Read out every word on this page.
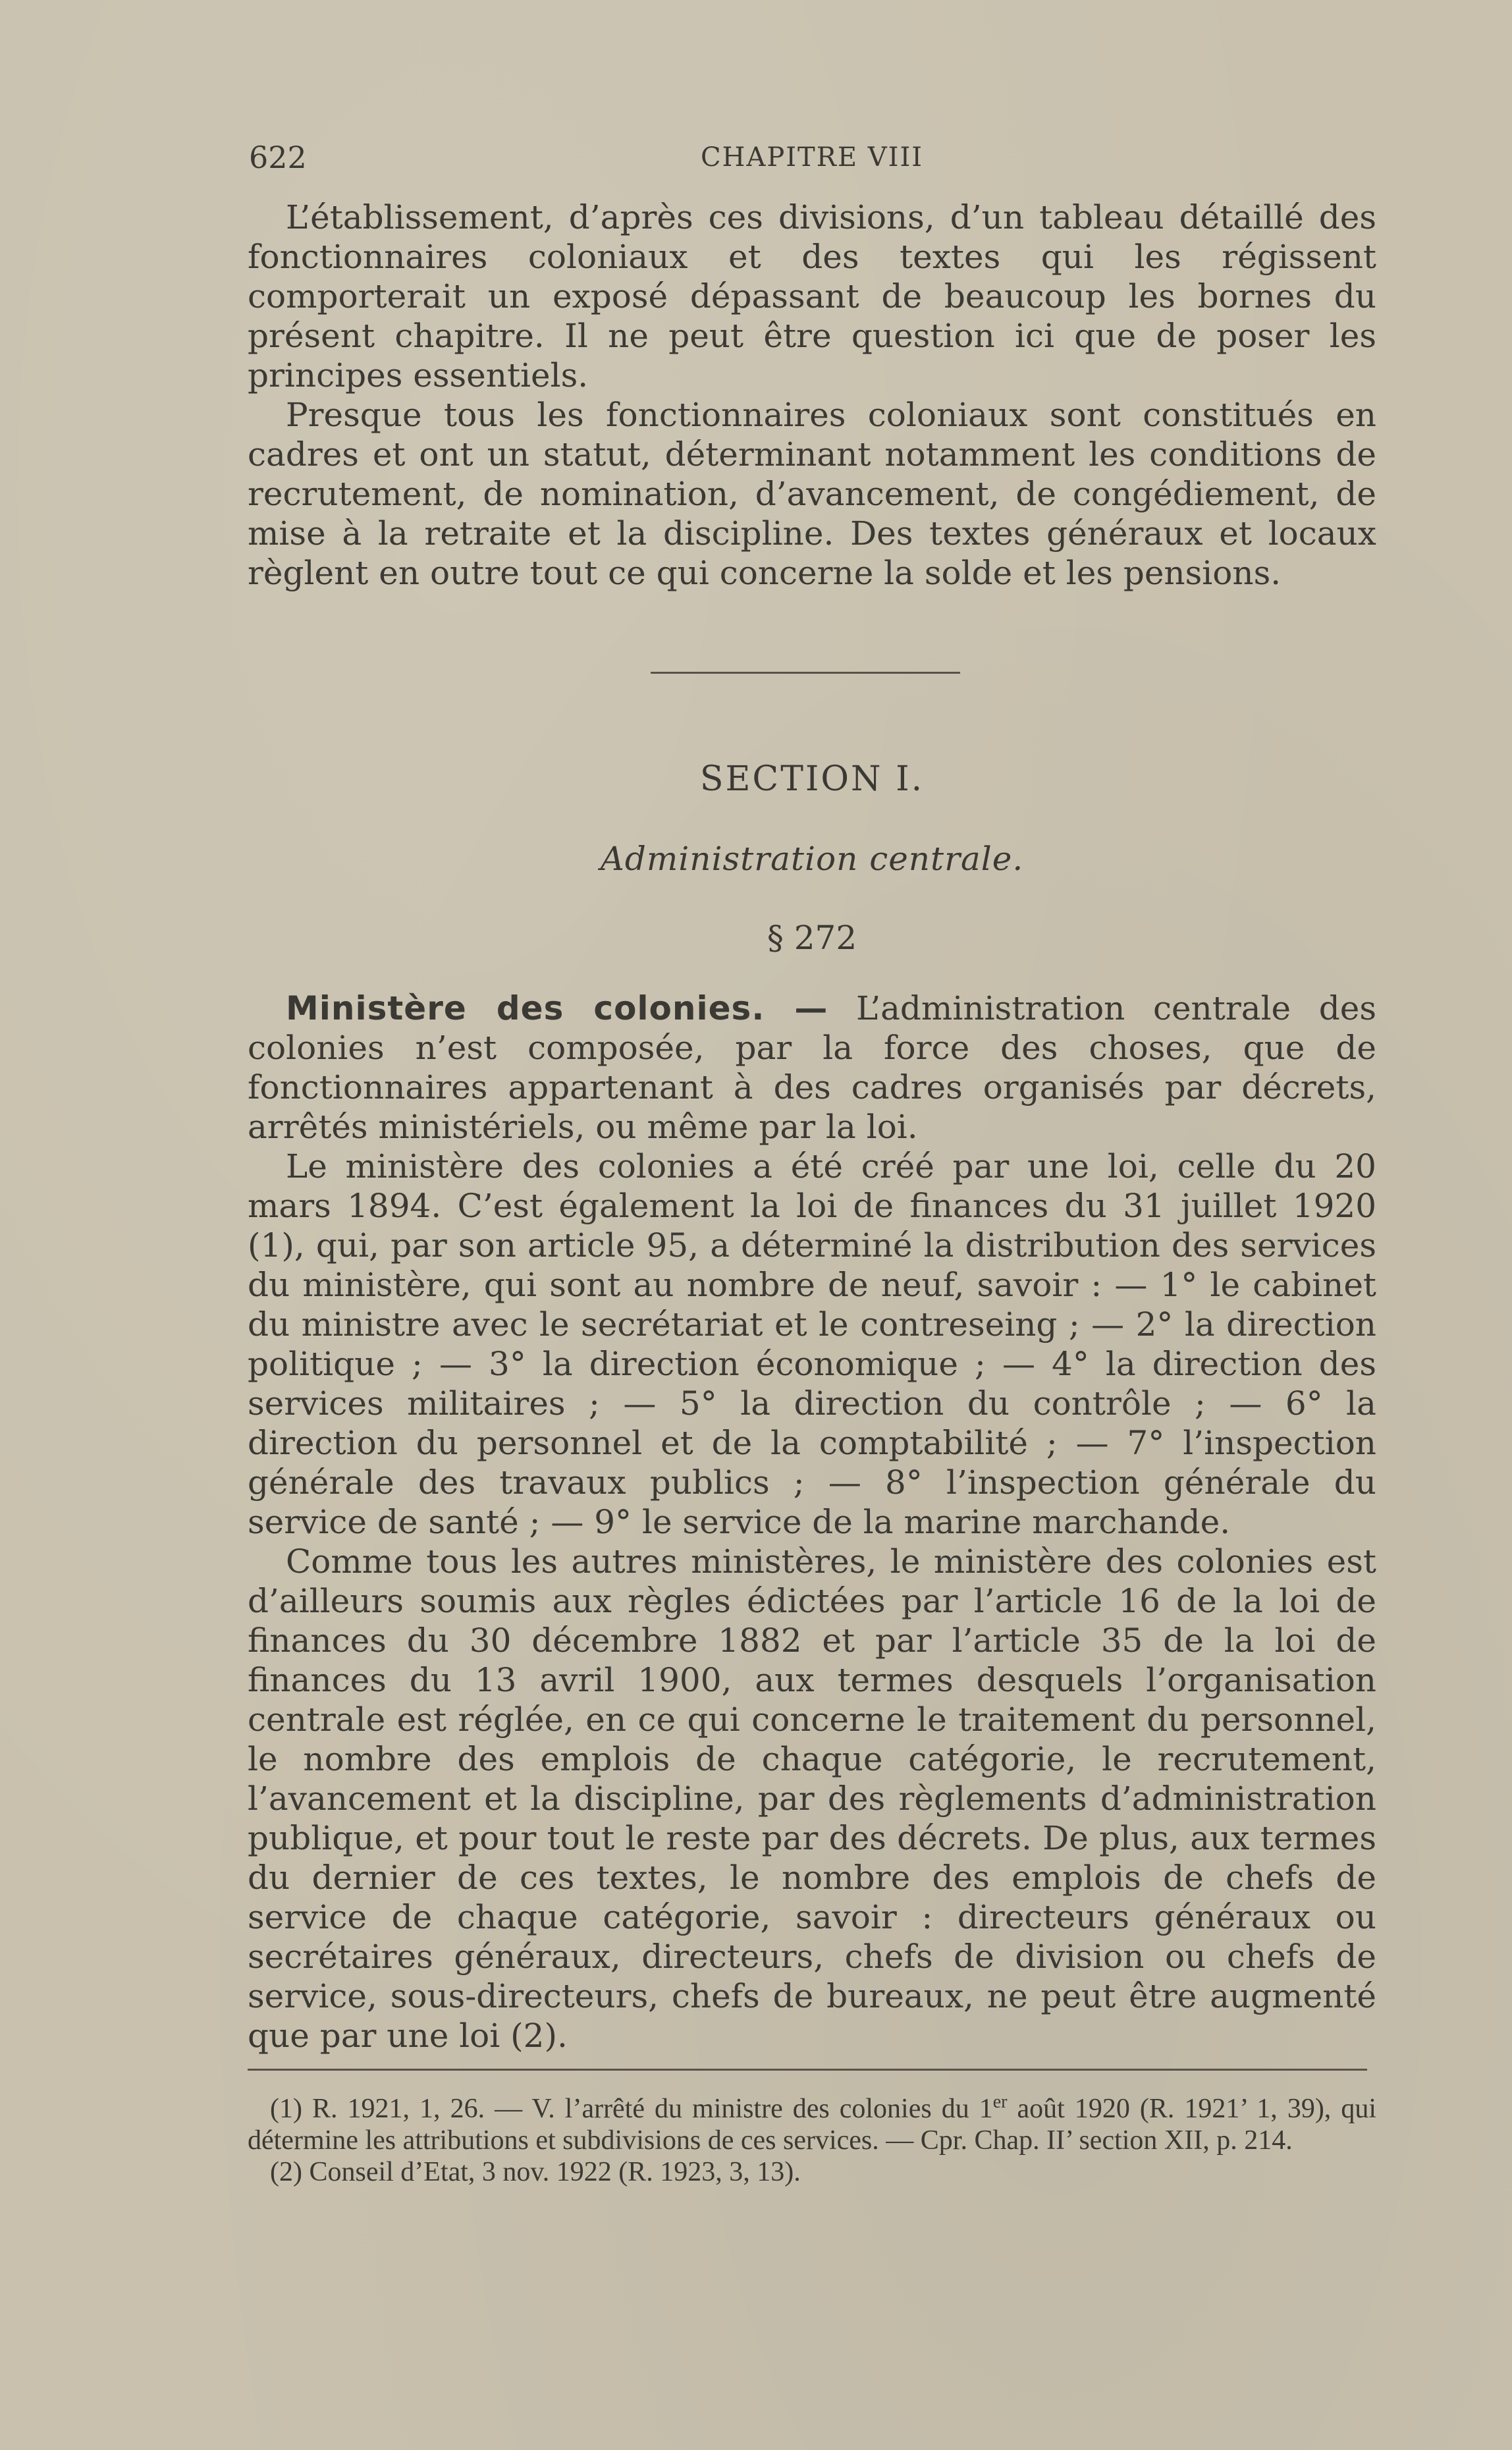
622	CHAPITRE VIII

L’établissement, d’après ces divisions, d’un tableau détaillé des fonctionnaires coloniaux et des textes qui les régissent comporterait un exposé dépassant de beaucoup les bornes du présent chapitre. Il ne peut être question ici que de poser les principes essentiels.

Presque tous les fonctionnaires coloniaux sont constitués en cadres et ont un statut, déterminant notamment les conditions de recrutement, de nomination, d’avancement, de congédiement, de mise à la retraite et la discipline. Des textes généraux et locaux règlent en outre tout ce qui concerne la solde et les pensions.

SECTION I.
Administration centrale.
§ 272

Ministère des colonies. — L’administration centrale des colonies n’est composée, par la force des choses, que de fonctionnaires appartenant à des cadres organisés par décrets, arrêtés ministériels, ou même par la loi.

Le ministère des colonies a été créé par une loi, celle du 20 mars 1894. C’est également la loi de finances du 31 juillet 1920 (1), qui, par son article 95, a déterminé la distribution des services du ministère, qui sont au nombre de neuf, savoir : — 1° le cabinet du ministre avec le secrétariat et le contreseing ; — 2° la direction politique ; — 3° la direction économique ; — 4° la direction des services militaires ; — 5° la direction du contrôle ; — 6° la direction du personnel et de la comptabilité ; — 7° l’inspection générale des travaux publics ; — 8° l’inspection générale du service de santé ; — 9° le service de la marine marchande.

Comme tous les autres ministères, le ministère des colonies est d’ailleurs soumis aux règles édictées par l’article 16 de la loi de finances du 30 décembre 1882 et par l’article 35 de la loi de finances du 13 avril 1900, aux termes desquels l’organisation centrale est réglée, en ce qui concerne le traitement du personnel, le nombre des emplois de chaque catégorie, le recrutement, l’avancement et la discipline, par des règlements d’administration publique, et pour tout le reste par des décrets. De plus, aux termes du dernier de ces textes, le nombre des emplois de chefs de service de chaque catégorie, savoir : directeurs généraux ou secrétaires généraux, directeurs, chefs de division ou chefs de service, sous-directeurs, chefs de bureaux, ne peut être augmenté que par une loi (2).

(1) R. 1921, 1, 26. — V. l’arrêté du ministre des colonies du 1er août 1920 (R. 1921’ 1, 39), qui détermine les attributions et subdivisions de ces services. — Cpr. Chap. II’ section XII, p. 214.

(2) Conseil d’Etat, 3 nov. 1922 (R. 1923, 3, 13).
